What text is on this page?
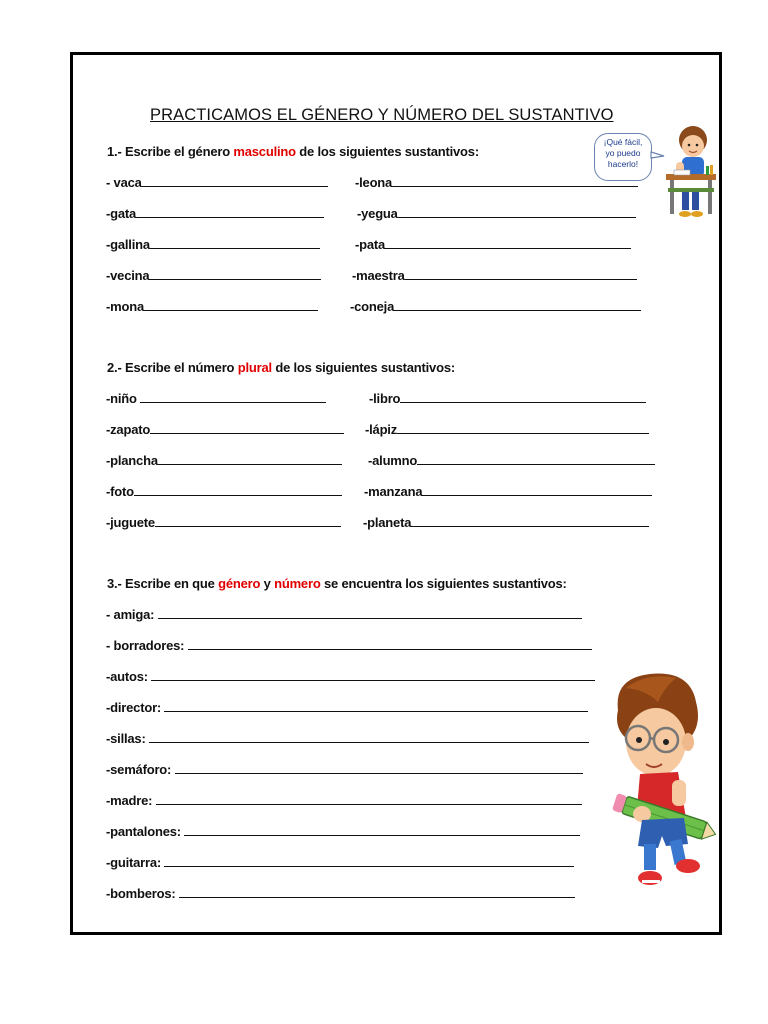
PRACTICAMOS EL GÉNERO Y NÚMERO DEL SUSTANTIVO
1.- Escribe el género masculino de los siguientes sustantivos:
- vaca	-leona
-gata	-yegua
-gallina	-pata
-vecina	-maestra
-mona	-coneja
2.- Escribe el número plural de los siguientes sustantivos:
-niño	-libro
-zapato	-lápiz
-plancha	-alumno
-foto	-manzana
-juguete	-planeta
3.- Escribe en que género y número se encuentra los siguientes sustantivos:
- amiga:
- borradores:
-autos:
-director:
-sillas:
-semáforo:
-madre:
-pantalones:
-guitarra:
-bomberos:
¡Qué fácil,
yo puedo
hacerlo!
